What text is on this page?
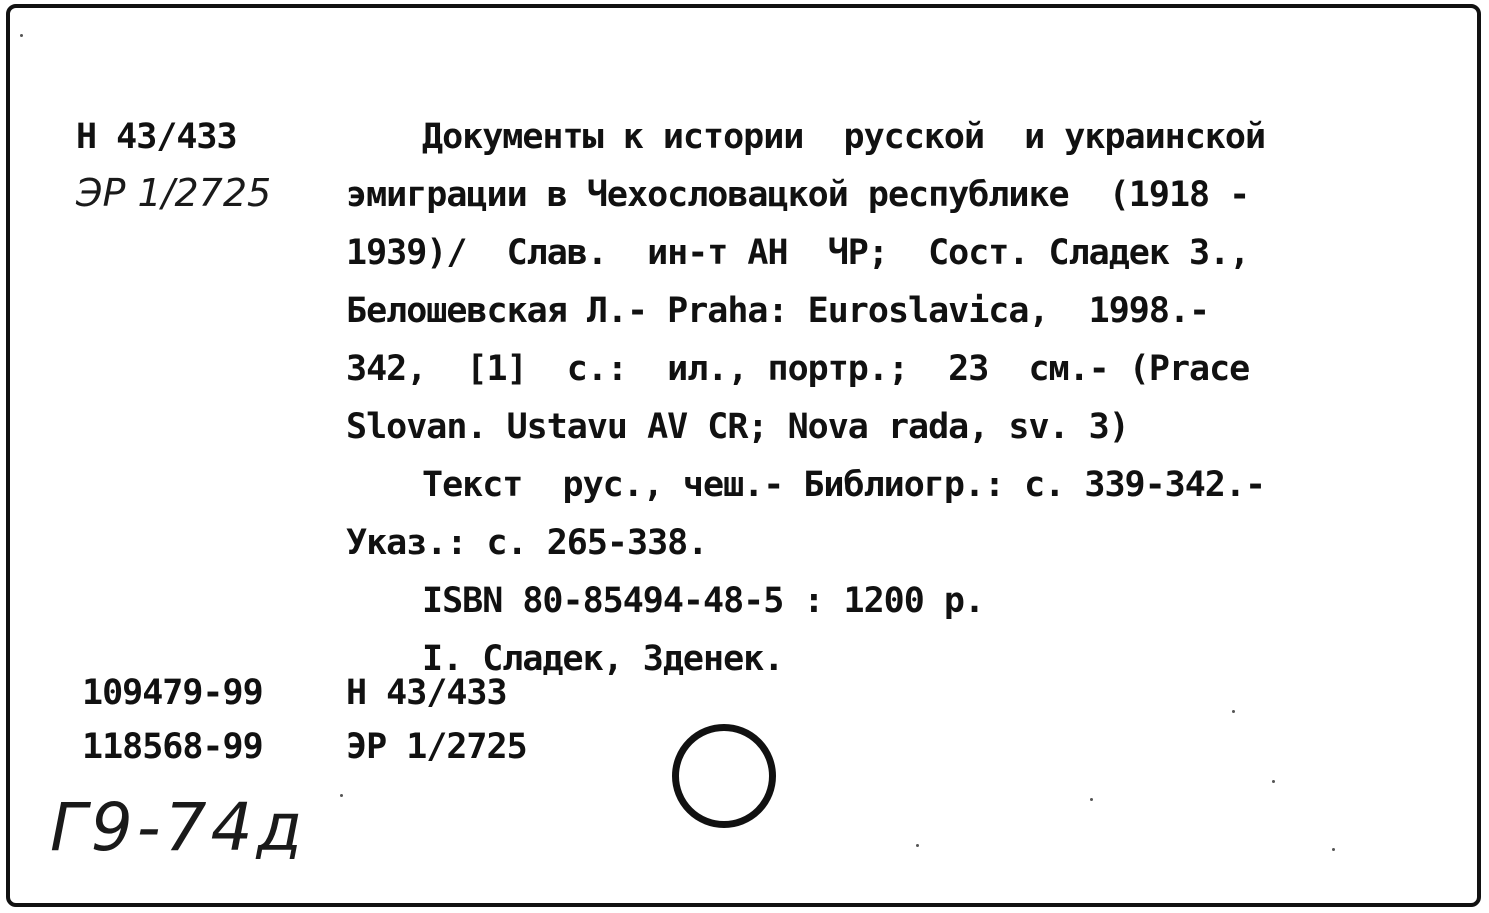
Н 43/433
ЭР 1/2725
Документы к истории  русской  и украинской
эмиграции в Чехословацкой республике  (1918 -
1939)/  Слав.  ин-т АН  ЧР;  Сост. Сладек З.,
Белошевская Л.- Praha: Euroslavica,  1998.-
342,  [1]  с.:  ил., портр.;  23  см.- (Prace
Slovan. Ustavu AV CR; Nova rada, sv. 3)
Текст  рус., чеш.- Библиогр.: с. 339-342.-
Указ.: с. 265-338.
ISBN 80-85494-48-5 : 1200 р.
I. Сладек, Зденек.
109479-99 Н 43/433
118568-99 ЭР 1/2725
Г9-74д
